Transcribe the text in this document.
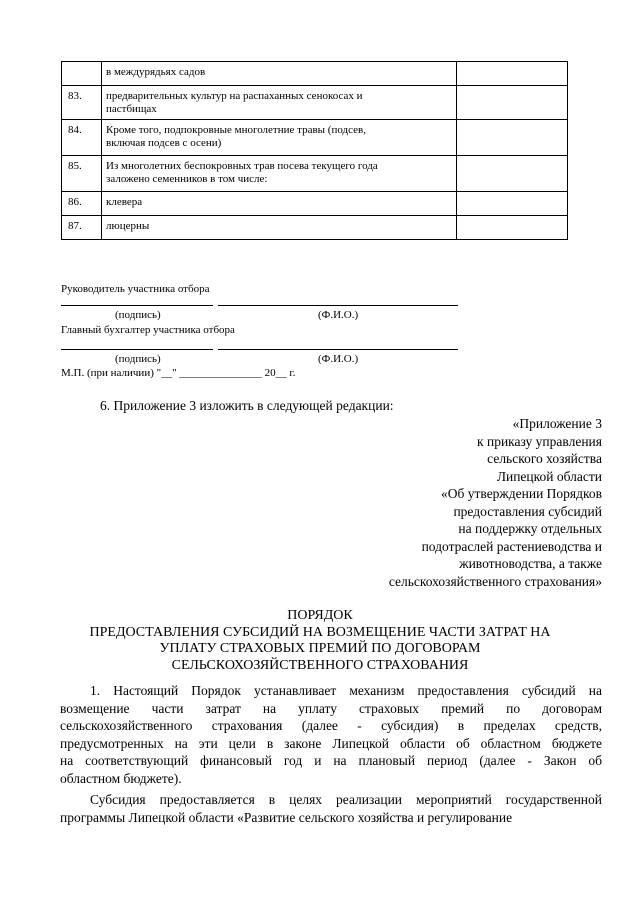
	в междурядьях садов	

83.	предварительных культур на распаханных сенокосах и
пастбищах	

84.	Кроме того, подпокровные многолетние травы (подсев,
включая подсев с осени)	

85.	Из многолетних беспокровных трав посева текущего года
заложено семенников в том числе:	

86.	клевера	

87.	люцерны	

Руководитель участника отбора
(подпись)	(Ф.И.О.)
Главный бухгалтер участника отбора
(подпись)	(Ф.И.О.)
М.П. (при наличии) "__" _______________ 20__ г.
6. Приложение 3 изложить в следующей редакции:
«Приложение 3
к приказу управления
сельского хозяйства
Липецкой области
«Об утверждении Порядков
предоставления субсидий
на поддержку отдельных
подотраслей растениеводства и
животноводства, а также
сельскохозяйственного страхования»
ПОРЯДОК
ПРЕДОСТАВЛЕНИЯ СУБСИДИЙ НА ВОЗМЕЩЕНИЕ ЧАСТИ ЗАТРАТ НА
УПЛАТУ СТРАХОВЫХ ПРЕМИЙ ПО ДОГОВОРАМ
СЕЛЬСКОХОЗЯЙСТВЕННОГО СТРАХОВАНИЯ
1. Настоящий Порядок устанавливает механизм предоставления субсидий на
возмещение части затрат на уплату страховых премий по договорам
сельскохозяйственного страхования (далее - субсидия) в пределах средств,
предусмотренных на эти цели в законе Липецкой области об областном бюджете
на соответствующий финансовый год и на плановый период (далее - Закон об
областном бюджете).
Субсидия предоставляется в целях реализации мероприятий государственной
программы Липецкой области «Развитие сельского хозяйства и регулирование
